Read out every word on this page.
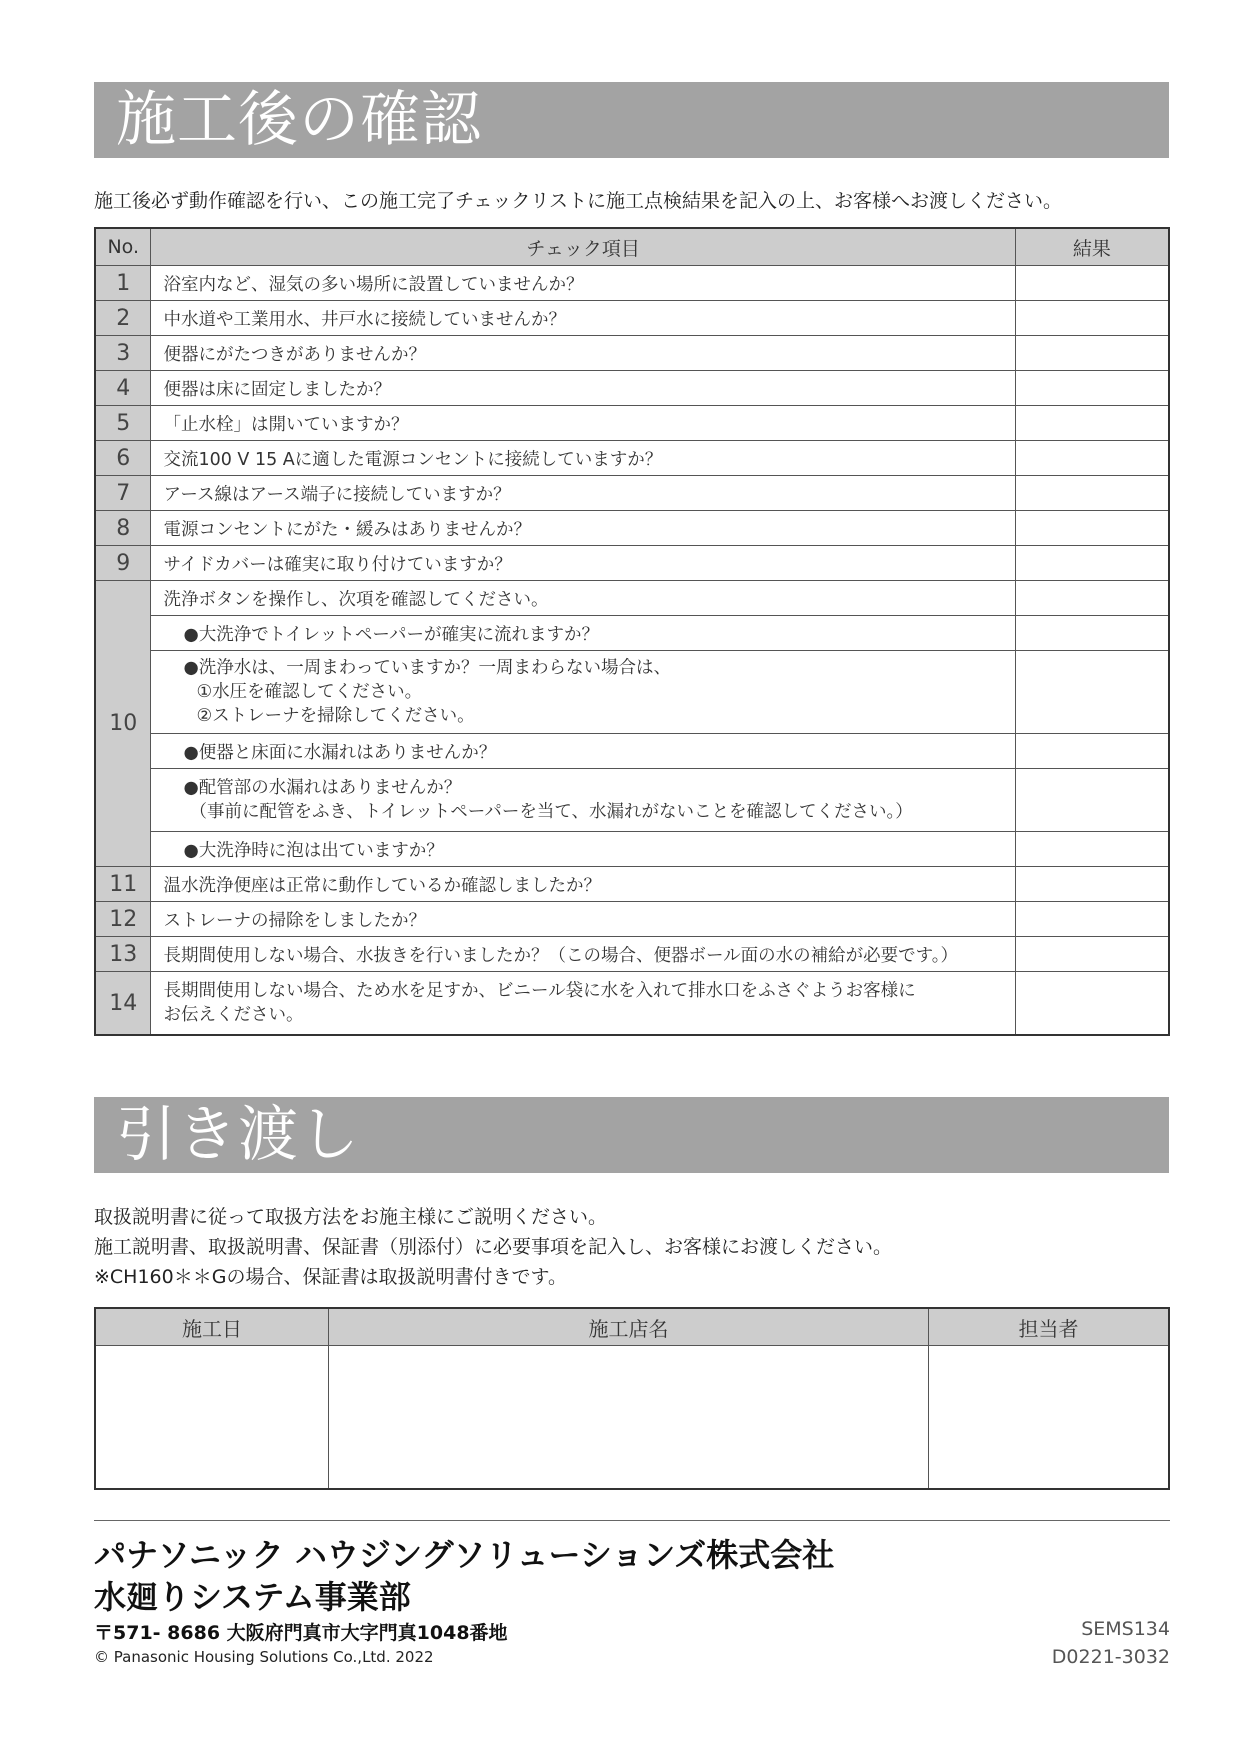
施工後の確認
施工後必ず動作確認を行い、この施工完了チェックリストに施工点検結果を記入の上、お客様へお渡しください。
No.	チェック項目	結果
1	浴室内など、湿気の多い場所に設置していませんか？	
2	中水道や工業用水、井戸水に接続していませんか？	
3	便器にがたつきがありませんか？	
4	便器は床に固定しましたか？	
5	「止水栓」は開いていますか？	
6	交流100 V 15 Aに適した電源コンセントに接続していますか？	
7	アース線はアース端子に接続していますか？	
8	電源コンセントにがた・緩みはありませんか？	
9	サイドカバーは確実に取り付けていますか？	
10	洗浄ボタンを操作し、次項を確認してください。	
	●大洗浄でトイレットペーパーが確実に流れますか？	

	●洗浄水は、一周まわっていますか？一周まわらない場合は、
①水圧を確認してください。
②ストレーナを掃除してください。	

	●便器と床面に水漏れはありませんか？	

	●配管部の水漏れはありませんか？
（事前に配管をふき、トイレットペーパーを当て、水漏れがないことを確認してください。）	

	●大洗浄時に泡は出ていますか？	
11	温水洗浄便座は正常に動作しているか確認しましたか？	
12	ストレーナの掃除をしましたか？	
13	長期間使用しない場合、水抜きを行いましたか？（この場合、便器ボール面の水の補給が必要です。）	
14	長期間使用しない場合、ため水を足すか、ビニール袋に水を入れて排水口をふさぐようお客様に
お伝えください。	

引き渡し
取扱説明書に従って取扱方法をお施主様にご説明ください。
施工説明書、取扱説明書、保証書（別添付）に必要事項を記入し、お客様にお渡しください。
※CH160＊＊Gの場合、保証書は取扱説明書付きです。
施工日	施工店名	担当者

パナソニック ハウジングソリューションズ株式会社
水廻りシステム事業部
〒571- 8686 大阪府門真市大字門真1048番地
© Panasonic Housing Solutions Co.,Ltd. 2022
SEMS134
D0221-3032
